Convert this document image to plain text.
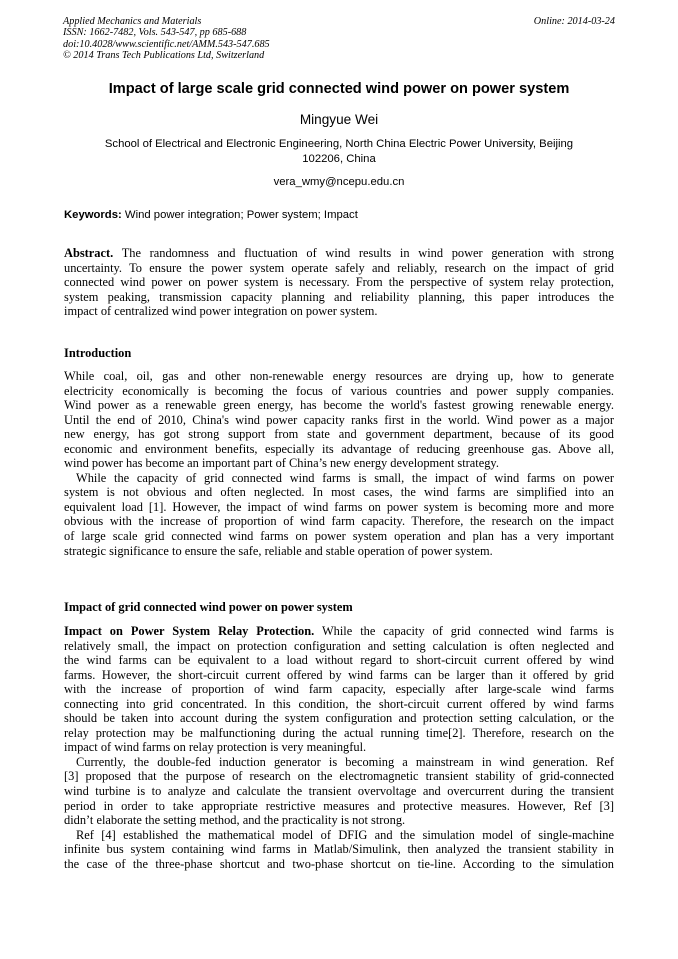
Applied Mechanics and Materials
ISSN: 1662-7482, Vols. 543-547, pp 685-688
doi:10.4028/www.scientific.net/AMM.543-547.685
© 2014 Trans Tech Publications Ltd, Switzerland
Online: 2014-03-24
Impact of large scale grid connected wind power on power system
Mingyue Wei
School of Electrical and Electronic Engineering, North China Electric Power University, Beijing
102206, China
vera_wmy@ncepu.edu.cn
Keywords: Wind power integration; Power system; Impact
Abstract. The randomness and fluctuation of wind results in wind power generation with strong
uncertainty. To ensure the power system operate safely and reliably, research on the impact of grid
connected wind power on power system is necessary. From the perspective of system relay protection,
system peaking, transmission capacity planning and reliability planning, this paper introduces the
impact of centralized wind power integration on power system.
Introduction
While coal, oil, gas and other non-renewable energy resources are drying up, how to generate
electricity economically is becoming the focus of various countries and power supply companies.
Wind power as a renewable green energy, has become the world's fastest growing renewable energy.
Until the end of 2010, China's wind power capacity ranks first in the world. Wind power as a major
new energy, has got strong support from state and government department, because of its good
economic and environment benefits, especially its advantage of reducing greenhouse gas. Above all,
wind power has become an important part of China’s new energy development strategy.
While the capacity of grid connected wind farms is small, the impact of wind farms on power
system is not obvious and often neglected. In most cases, the wind farms are simplified into an
equivalent load [1]. However, the impact of wind farms on power system is becoming more and more
obvious with the increase of proportion of wind farm capacity. Therefore, the research on the impact
of large scale grid connected wind farms on power system operation and plan has a very important
strategic significance to ensure the safe, reliable and stable operation of power system.
Impact of grid connected wind power on power system
Impact on Power System Relay Protection. While the capacity of grid connected wind farms is
relatively small, the impact on protection configuration and setting calculation is often neglected and
the wind farms can be equivalent to a load without regard to short-circuit current offered by wind
farms. However, the short-circuit current offered by wind farms can be larger than it offered by grid
with the increase of proportion of wind farm capacity, especially after large-scale wind farms
connecting into grid concentrated. In this condition, the short-circuit current offered by wind farms
should be taken into account during the system configuration and protection setting calculation, or the
relay protection may be malfunctioning during the actual running time[2]. Therefore, research on the
impact of wind farms on relay protection is very meaningful.
Currently, the double-fed induction generator is becoming a mainstream in wind generation. Ref
[3] proposed that the purpose of research on the electromagnetic transient stability of grid-connected
wind turbine is to analyze and calculate the transient overvoltage and overcurrent during the transient
period in order to take appropriate restrictive measures and protective measures. However, Ref [3]
didn’t elaborate the setting method, and the practicality is not strong.
Ref [4] established the mathematical model of DFIG and the simulation model of single-machine
infinite bus system containing wind farms in Matlab/Simulink, then analyzed the transient stability in
the case of the three-phase shortcut and two-phase shortcut on tie-line. According to the simulation
